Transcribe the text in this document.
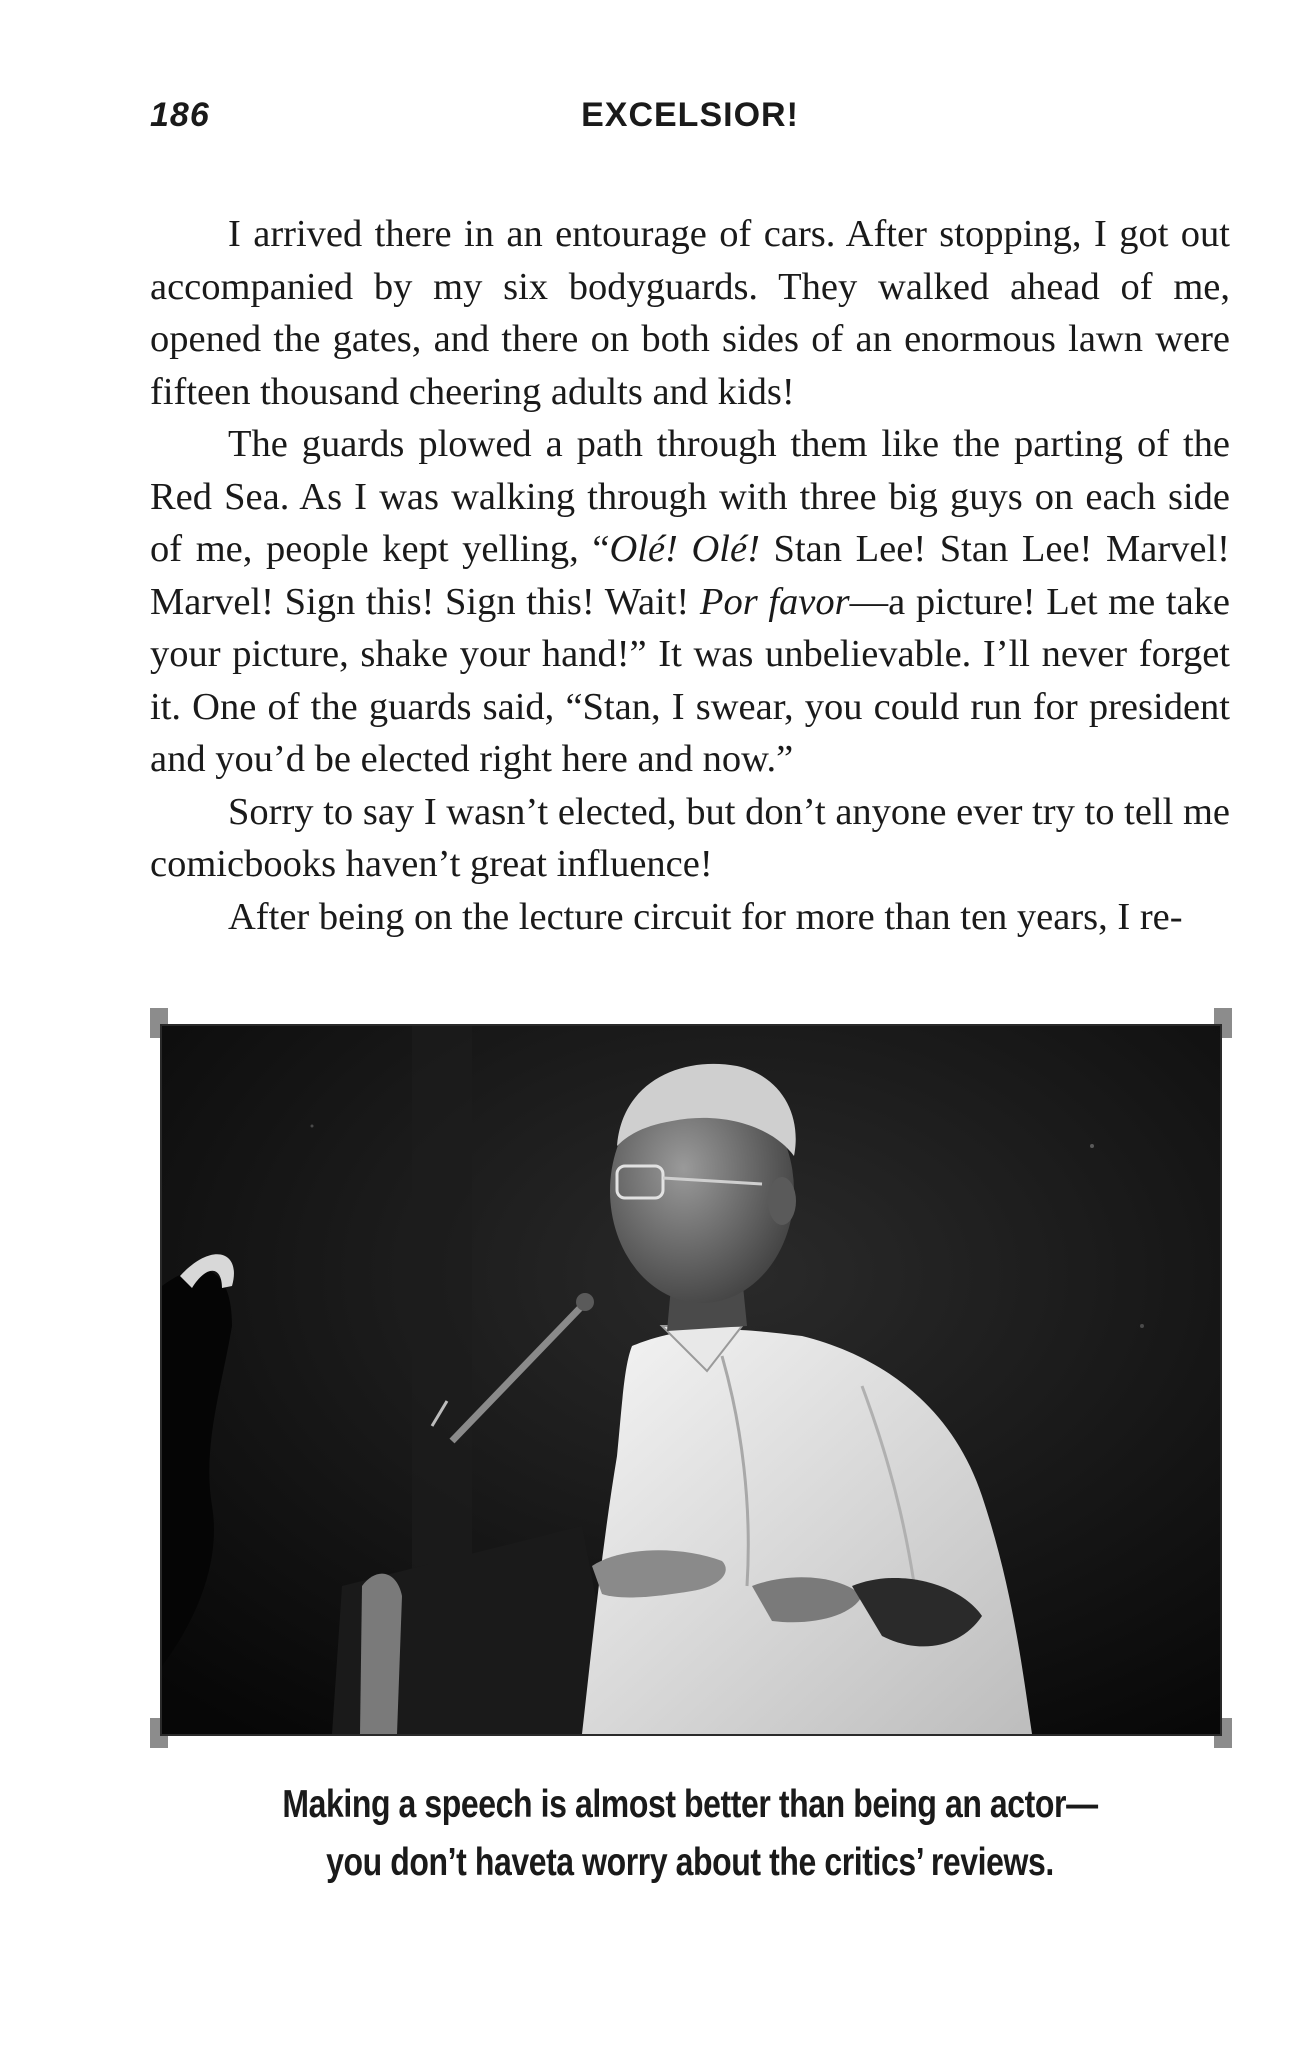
186	EXCELSIOR!

I arrived there in an entourage of cars. After stopping, I got out accompanied by my six bodyguards. They walked ahead of me, opened the gates, and there on both sides of an enormous lawn were fifteen thousand cheering adults and kids!

The guards plowed a path through them like the parting of the Red Sea. As I was walking through with three big guys on each side of me, people kept yelling, “Olé! Olé! Stan Lee! Stan Lee! Marvel! Marvel! Sign this! Sign this! Wait! Por favor—a picture! Let me take your picture, shake your hand!” It was unbelievable. I’ll never forget it. One of the guards said, “Stan, I swear, you could run for president and you’d be elected right here and now.”

Sorry to say I wasn’t elected, but don’t anyone ever try to tell me comicbooks haven’t great influence!

After being on the lecture circuit for more than ten years, I re-

Making a speech is almost better than being an actor—
you don’t haveta worry about the critics’ reviews.
